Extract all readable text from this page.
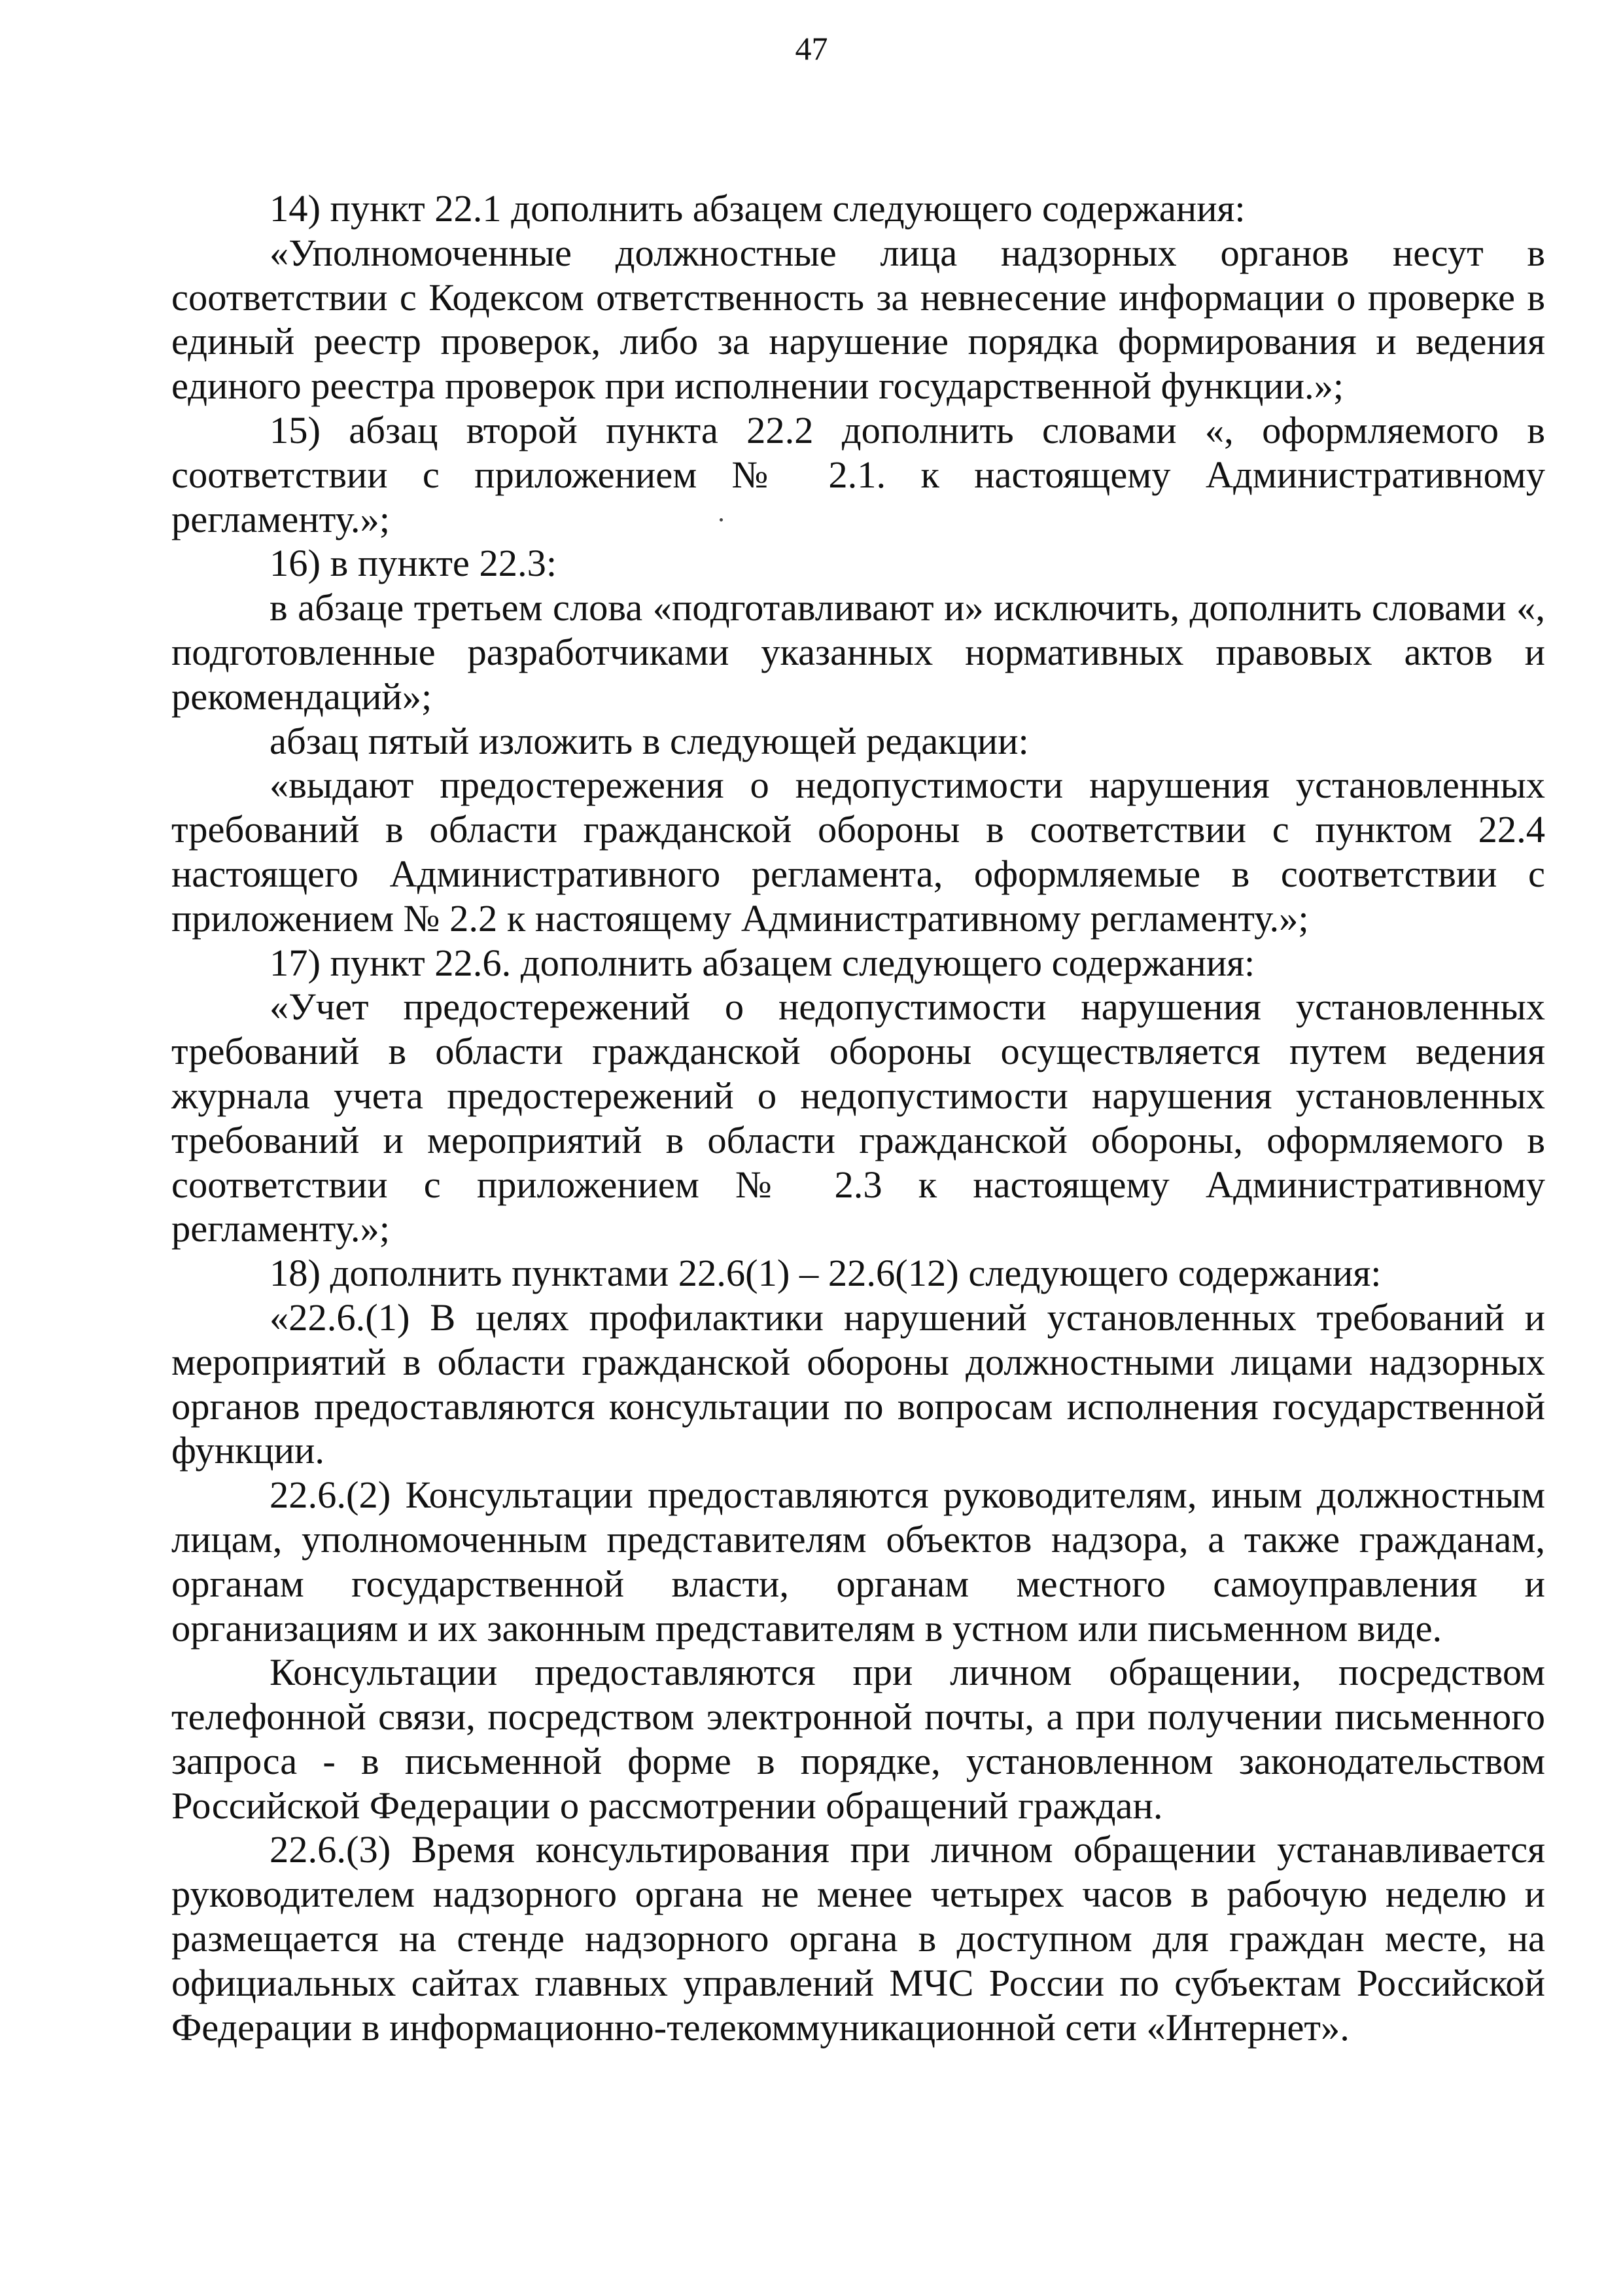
47

14) пункт 22.1 дополнить абзацем следующего содержания:

«Уполномоченные должностные лица надзорных органов несут в соответствии с Кодексом ответственность за невнесение информации о проверке в единый реестр проверок, либо за нарушение порядка формирования и ведения единого реестра проверок при исполнении государственной функции.»;

15) абзац второй пункта 22.2 дополнить словами «, оформляемого в соответствии с приложением № 2.1. к настоящему Административному регламенту.»;

16) в пункте 22.3:

в абзаце третьем слова «подготавливают и» исключить, дополнить словами «, подготовленные разработчиками указанных нормативных правовых актов и рекомендаций»;

абзац пятый изложить в следующей редакции:

«выдают предостережения о недопустимости нарушения установленных требований в области гражданской обороны в соответствии с пунктом 22.4 настоящего Административного регламента, оформляемые в соответствии с приложением № 2.2 к настоящему Административному регламенту.»;

17) пункт 22.6. дополнить абзацем следующего содержания:

«Учет предостережений о недопустимости нарушения установленных требований в области гражданской обороны осуществляется путем ведения журнала учета предостережений о недопустимости нарушения установленных требований и мероприятий в области гражданской обороны, оформляемого в соответствии с приложением № 2.3 к настоящему Административному регламенту.»;

18) дополнить пунктами 22.6(1) – 22.6(12) следующего содержания:

«22.6.(1) В целях профилактики нарушений установленных требований и мероприятий в области гражданской обороны должностными лицами надзорных органов предоставляются консультации по вопросам исполнения государственной функции.

22.6.(2) Консультации предоставляются руководителям, иным должностным лицам, уполномоченным представителям объектов надзора, а также гражданам, органам государственной власти, органам местного самоуправления и организациям и их законным представителям в устном или письменном виде.

Консультации предоставляются при личном обращении, посредством телефонной связи, посредством электронной почты, а при получении письменного запроса - в письменной форме в порядке, установленном законодательством Российской Федерации о рассмотрении обращений граждан.

22.6.(3) Время консультирования при личном обращении устанавливается руководителем надзорного органа не менее четырех часов в рабочую неделю и размещается на стенде надзорного органа в доступном для граждан месте, на официальных сайтах главных управлений МЧС России по субъектам Российской Федерации в информационно-телекоммуникационной сети «Интернет».
